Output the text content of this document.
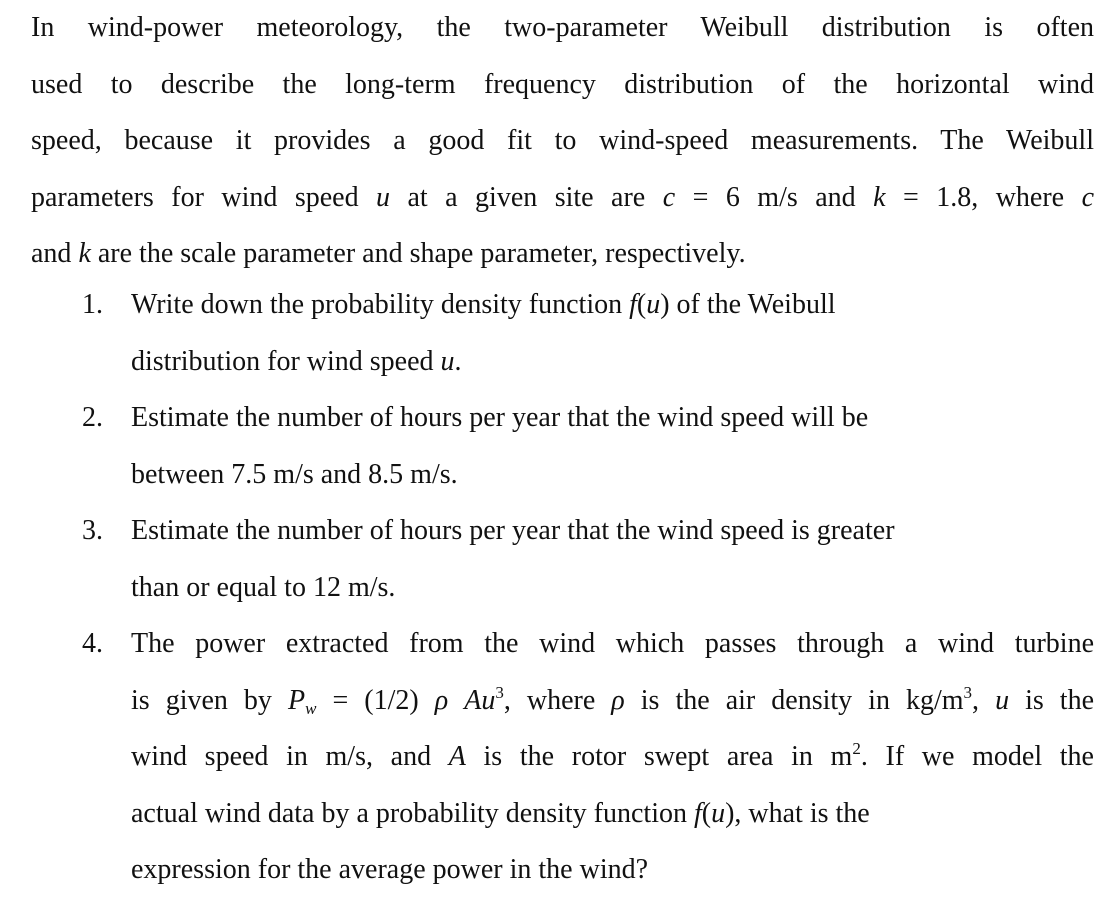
In wind-power meteorology, the two-parameter Weibull distribution is often
used to describe the long-term frequency distribution of the horizontal wind
speed, because it provides a good fit to wind-speed measurements. The Weibull
parameters for wind speed u at a given site are c = 6 m/s and k = 1.8, where c
and k are the scale parameter and shape parameter, respectively.
1. Write down the probability density function f(u) of the Weibull
distribution for wind speed u.
2. Estimate the number of hours per year that the wind speed will be
between 7.5 m/s and 8.5 m/s.
3. Estimate the number of hours per year that the wind speed is greater
than or equal to 12 m/s.
4. The power extracted from the wind which passes through a wind turbine
is given by $P_w = (1/2)$ ρ Au$^3$, where ρ is the air density in $kg/m^3$, u is the
wind speed in m/s, and A is the rotor swept area in $m^2$. If we model the
actual wind data by a probability density function f(u), what is the
expression for the average power in the wind?
